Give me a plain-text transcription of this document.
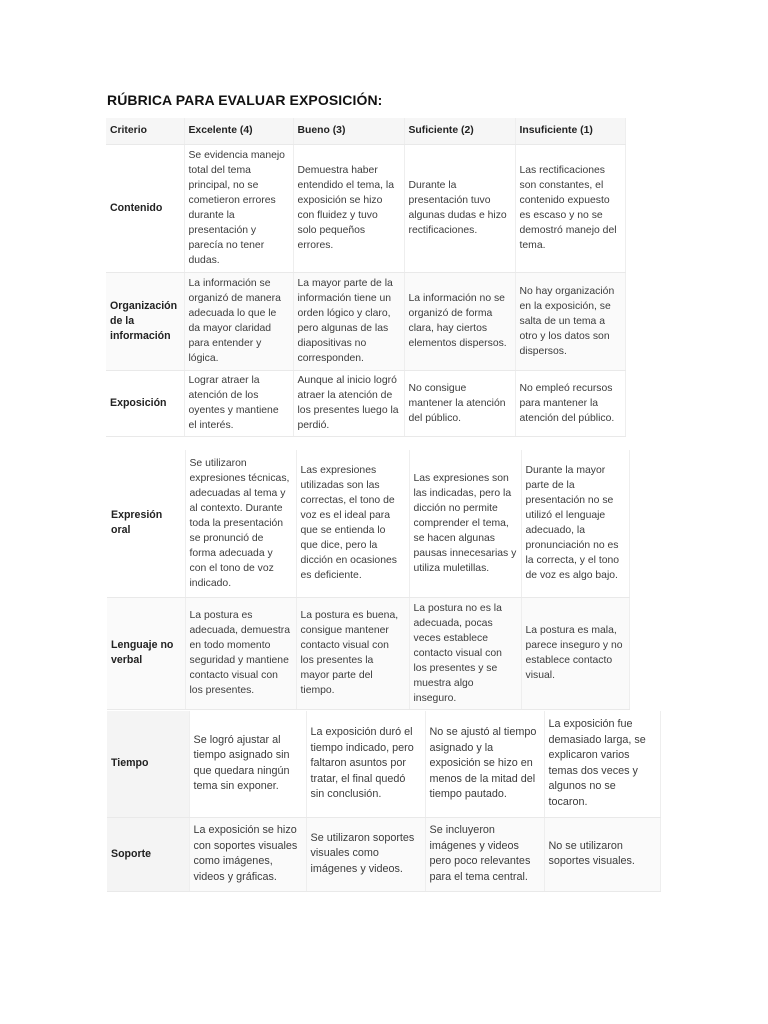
RÚBRICA PARA EVALUAR EXPOSICIÓN:
Criterio	Excelente (4)	Bueno (3)	Suficiente (2)	Insuficiente (1)
Contenido	Se evidencia manejo total del tema principal, no se cometieron errores durante la presentación y parecía no tener dudas.	Demuestra haber entendido el tema, la exposición se hizo con fluidez y tuvo solo pequeños errores.	Durante la presentación tuvo algunas dudas e hizo rectificaciones.	Las rectificaciones son constantes, el contenido expuesto es escaso y no se demostró manejo del tema.
Organización de la información	La información se organizó de manera adecuada lo que le da mayor claridad para entender y lógica.	La mayor parte de la información tiene un orden lógico y claro, pero algunas de las diapositivas no corresponden.	La información no se organizó de forma clara, hay ciertos elementos dispersos.	No hay organización en la exposición, se salta de un tema a otro y los datos son dispersos.
Exposición	Lograr atraer la atención de los oyentes y mantiene el interés.	Aunque al inicio logró atraer la atención de los presentes luego la perdió.	No consigue mantener la atención del público.	No empleó recursos para mantener la atención del público.
Expresión oral	Se utilizaron expresiones técnicas, adecuadas al tema y al contexto. Durante toda la presentación se pronunció de forma adecuada y con el tono de voz indicado.	Las expresiones utilizadas son las correctas, el tono de voz es el ideal para que se entienda lo que dice, pero la dicción en ocasiones es deficiente.	Las expresiones son las indicadas, pero la dicción no permite comprender el tema, se hacen algunas pausas innecesarias y utiliza muletillas.	Durante la mayor parte de la presentación no se utilizó el lenguaje adecuado, la pronunciación no es la correcta, y el tono de voz es algo bajo.
Lenguaje no verbal	La postura es adecuada, demuestra en todo momento seguridad y mantiene contacto visual con los presentes.	La postura es buena, consigue mantener contacto visual con los presentes la mayor parte del tiempo.	La postura no es la adecuada, pocas veces establece contacto visual con los presentes y se muestra algo inseguro.	La postura es mala, parece inseguro y no establece contacto visual.
Tiempo	Se logró ajustar al tiempo asignado sin que quedara ningún tema sin exponer.	La exposición duró el tiempo indicado, pero faltaron asuntos por tratar, el final quedó sin conclusión.	No se ajustó al tiempo asignado y la exposición se hizo en menos de la mitad del tiempo pautado.	La exposición fue demasiado larga, se explicaron varios temas dos veces y algunos no se tocaron.
Soporte	La exposición se hizo con soportes visuales como imágenes, videos y gráficas.	Se utilizaron soportes visuales como imágenes y videos.	Se incluyeron imágenes y videos pero poco relevantes para el tema central.	No se utilizaron soportes visuales.
